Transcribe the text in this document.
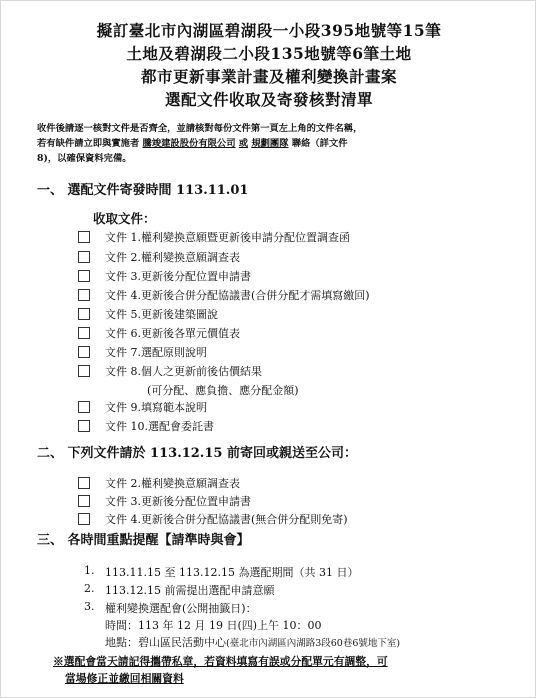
擬訂臺北市內湖區碧湖段一小段395地號等15筆
土地及碧湖段二小段135地號等6筆土地
都市更新事業計畫及權利變換計畫案
選配文件收取及寄發核對清單
收件後請逐一核對文件是否齊全，並請核對每份文件第一頁左上角的文件名稱，
若有缺件請立即與實施者 騰竣建設股份有限公司 或 規劃團隊 聯絡（詳文件
8)，以確保資料完備。
一、 選配文件寄發時間 113.11.01
收取文件：
文件 1.權利變換意願暨更新後申請分配位置調查函
文件 2.權利變換意願調查表
文件 3.更新後分配位置申請書
文件 4.更新後合併分配協議書(合併分配才需填寫繳回)
文件 5.更新後建築圖說
文件 6.更新後各單元價值表
文件 7.選配原則說明
文件 8.個人之更新前後估價結果
(可分配、應負擔、應分配金額)
文件 9.填寫範本說明
文件 10.選配會委託書
二、 下列文件請於 113.12.15 前寄回或親送至公司：
文件 2.權利變換意願調查表
文件 3.更新後分配位置申請書
文件 4.更新後合併分配協議書(無合併分配則免寄)
三、 各時間重點提醒【請準時與會】
1. 113.11.15 至 113.12.15 為選配期間（共 31 日）
2. 113.12.15 前需提出選配申請意願
3. 權利變換選配會(公開抽籤日)：
時間：113 年 12 月 19 日(四)上午 10：00
地點：碧山區民活動中心(臺北市內湖區內湖路3段60巷6號地下室)
※選配會當天請記得攜帶私章，若資料填寫有誤或分配單元有調整，可
當場修正並繳回相關資料
